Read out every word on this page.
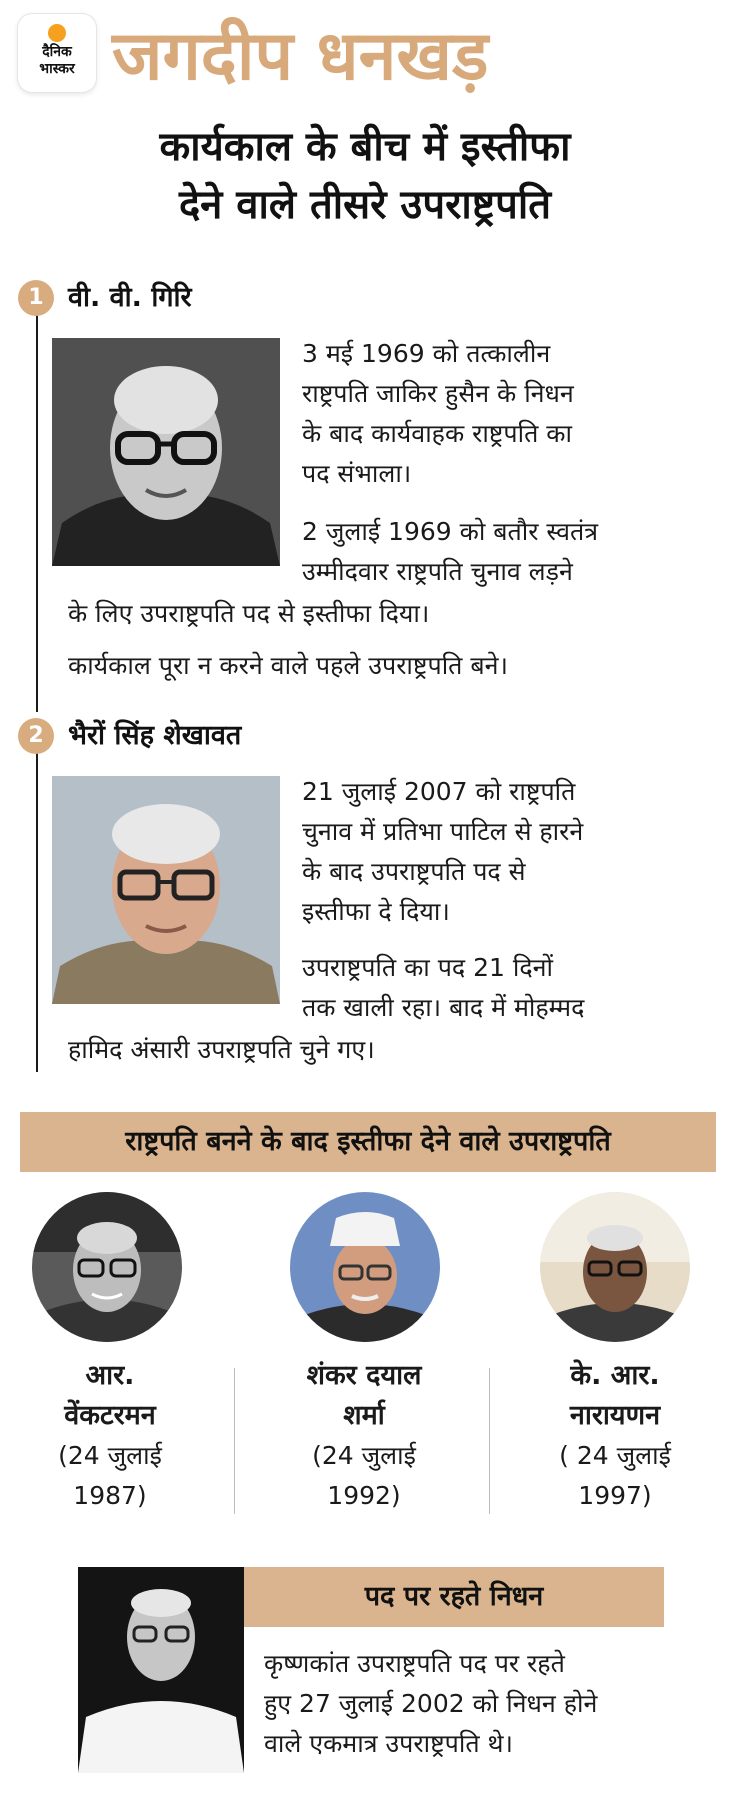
दैनिक
भास्कर जगदीप धनखड़
कार्यकाल के बीच में इस्तीफा
देने वाले तीसरे उपराष्ट्रपति
1 वी. वी. गिरि
3 मई 1969 को तत्कालीन
राष्ट्रपति जाकिर हुसैन के निधन
के बाद कार्यवाहक राष्ट्रपति का
पद संभाला।
2 जुलाई 1969 को बतौर स्वतंत्र
उम्मीदवार राष्ट्रपति चुनाव लड़ने
के लिए उपराष्ट्रपति पद से इस्तीफा दिया।
कार्यकाल पूरा न करने वाले पहले उपराष्ट्रपति बने।
2 भैरों सिंह शेखावत
21 जुलाई 2007 को राष्ट्रपति
चुनाव में प्रतिभा पाटिल से हारने
के बाद उपराष्ट्रपति पद से
इस्तीफा दे दिया।
उपराष्ट्रपति का पद 21 दिनों
तक खाली रहा। बाद में मोहम्मद
हामिद अंसारी उपराष्ट्रपति चुने गए।
राष्ट्रपति बनने के बाद इस्तीफा देने वाले उपराष्ट्रपति
आर.
वेंकटरमन
(24 जुलाई
1987)
शंकर दयाल
शर्मा
(24 जुलाई
1992)
के. आर.
नारायणन
( 24 जुलाई
1997)
पद पर रहते निधन
कृष्णकांत उपराष्ट्रपति पद पर रहते
हुए 27 जुलाई 2002 को निधन होने
वाले एकमात्र उपराष्ट्रपति थे।
